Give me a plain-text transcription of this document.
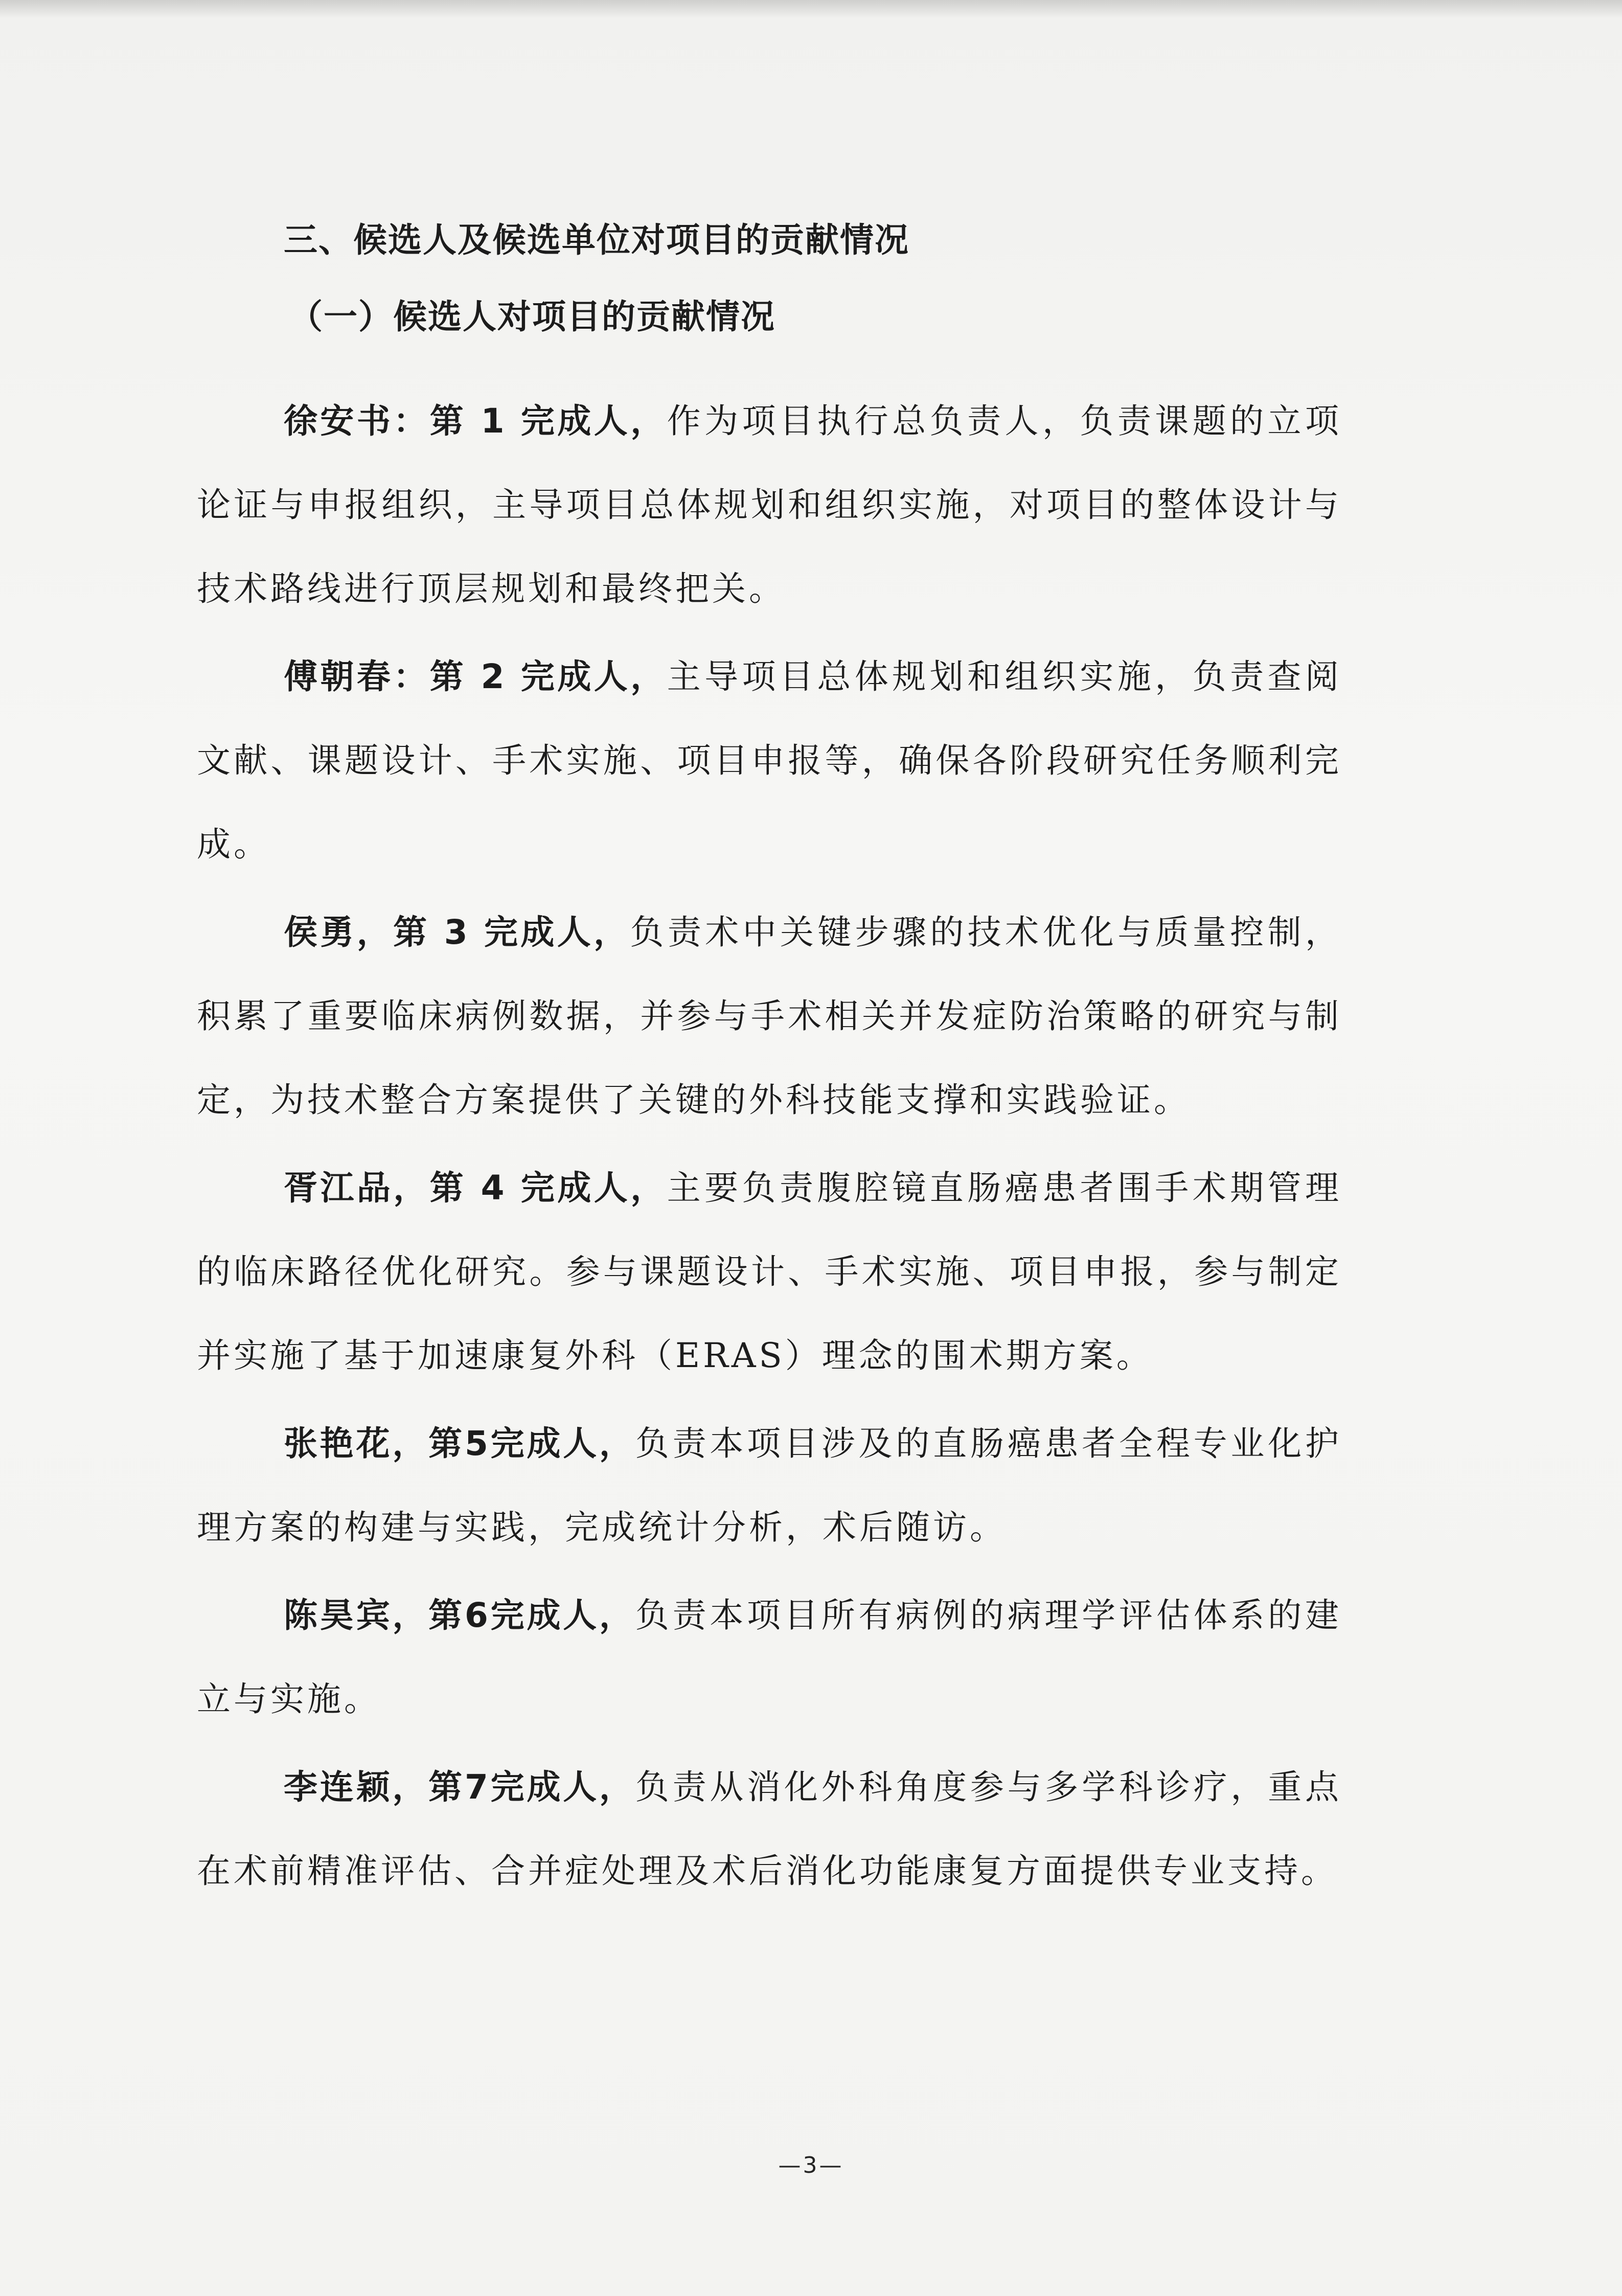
三、候选人及候选单位对项目的贡献情况
（一）候选人对项目的贡献情况

徐安书：第 1 完成人，作为项目执行总负责人，负责课题的立项论证与申报组织，主导项目总体规划和组织实施，对项目的整体设计与技术路线进行顶层规划和最终把关。

傅朝春：第 2 完成人，主导项目总体规划和组织实施，负责查阅文献、课题设计、手术实施、项目申报等，确保各阶段研究任务顺利完成。

侯勇，第 3 完成人，负责术中关键步骤的技术优化与质量控制，积累了重要临床病例数据，并参与手术相关并发症防治策略的研究与制定，为技术整合方案提供了关键的外科技能支撑和实践验证。

胥江品，第 4 完成人，主要负责腹腔镜直肠癌患者围手术期管理的临床路径优化研究。参与课题设计、手术实施、项目申报，参与制定并实施了基于加速康复外科（ERAS）理念的围术期方案。

张艳花，第5完成人，负责本项目涉及的直肠癌患者全程专业化护理方案的构建与实践，完成统计分析，术后随访。

陈昊宾，第6完成人，负责本项目所有病例的病理学评估体系的建立与实施。

李连颖，第7完成人，负责从消化外科角度参与多学科诊疗，重点在术前精准评估、合并症处理及术后消化功能康复方面提供专业支持。

—3—
